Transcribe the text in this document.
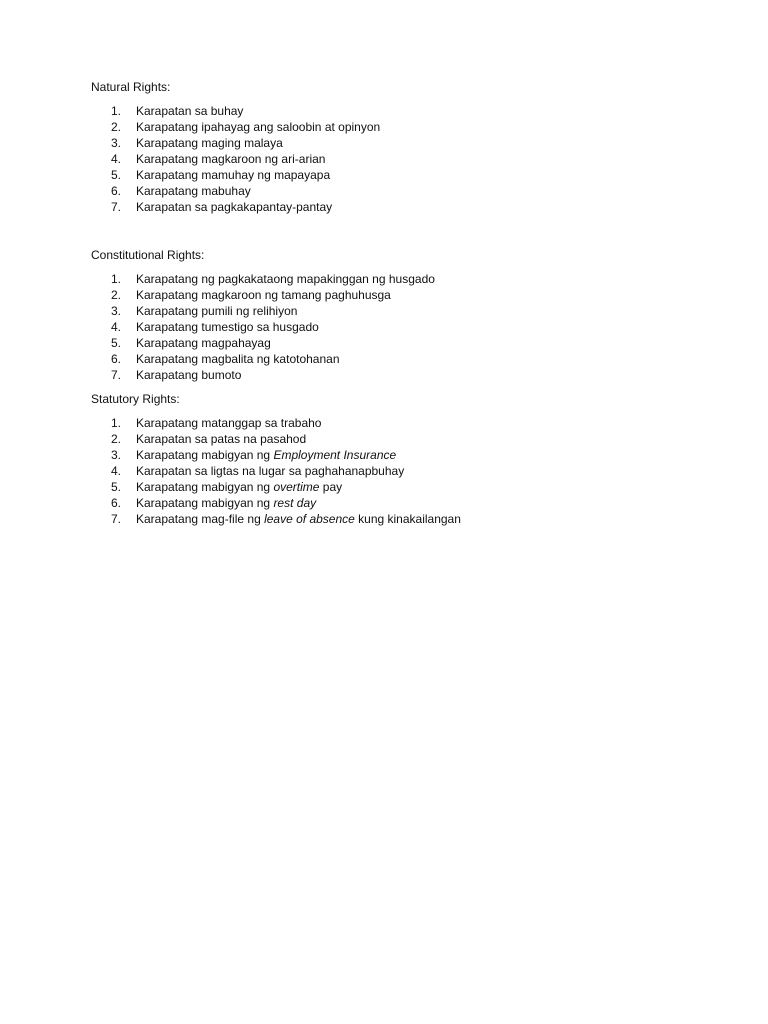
Natural Rights:
1.	Karapatan sa buhay
2.	Karapatang ipahayag ang saloobin at opinyon
3.	Karapatang maging malaya
4.	Karapatang magkaroon ng ari-arian
5.	Karapatang mamuhay ng mapayapa
6.	Karapatang mabuhay
7.	Karapatan sa pagkakapantay-pantay
Constitutional Rights:
1.	Karapatang ng pagkakataong mapakinggan ng husgado
2.	Karapatang magkaroon ng tamang paghuhusga
3.	Karapatang pumili ng relihiyon
4.	Karapatang tumestigo sa husgado
5.	Karapatang magpahayag
6.	Karapatang magbalita ng katotohanan
7.	Karapatang bumoto
Statutory Rights:
1.	Karapatang matanggap sa trabaho
2.	Karapatan sa patas na pasahod
3.	Karapatang mabigyan ng Employment Insurance
4.	Karapatan sa ligtas na lugar sa paghahanapbuhay
5.	Karapatang mabigyan ng overtime pay
6.	Karapatang mabigyan ng rest day
7.	Karapatang mag-file ng leave of absence kung kinakailangan
